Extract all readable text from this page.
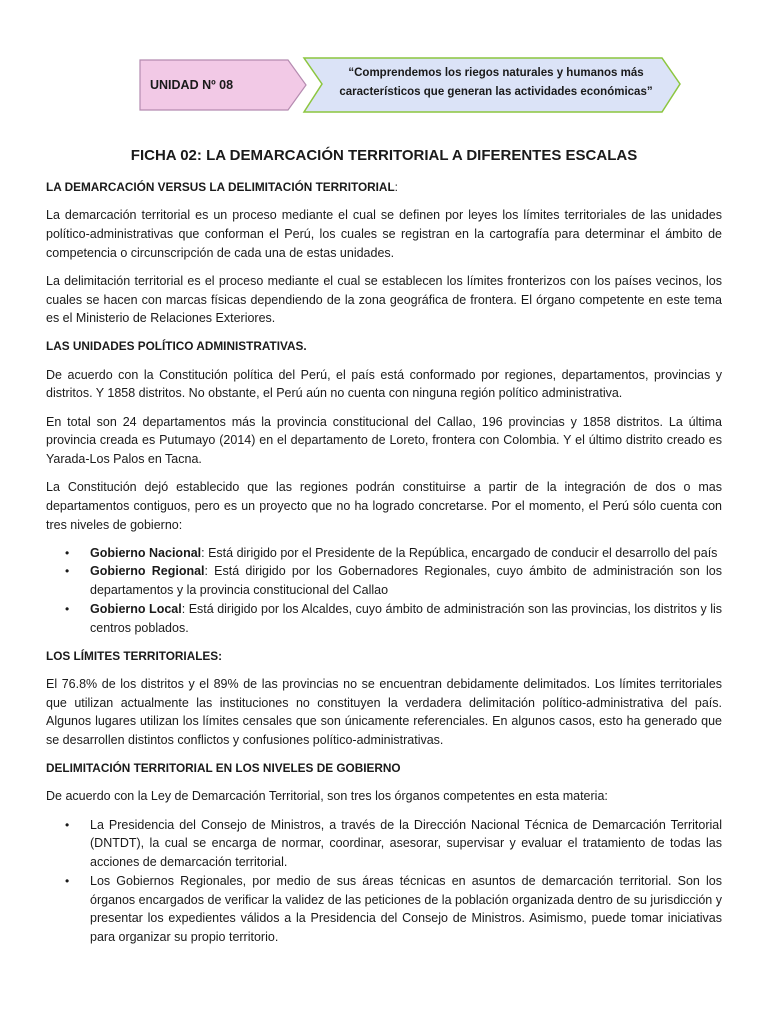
UNIDAD Nº 08
“Comprendemos los riegos naturales y humanos más característicos que generan las actividades económicas”
FICHA 02: LA DEMARCACIÓN TERRITORIAL A DIFERENTES ESCALAS
LA DEMARCACIÓN VERSUS LA DELIMITACIÓN TERRITORIAL:

La demarcación territorial es un proceso mediante el cual se definen por leyes los límites territoriales de las unidades político-administrativas que conforman el Perú, los cuales se registran en la cartografía para determinar el ámbito de competencia o circunscripción de cada una de estas unidades.

La delimitación territorial es el proceso mediante el cual se establecen los límites fronterizos con los países vecinos, los cuales se hacen con marcas físicas dependiendo de la zona geográfica de frontera. El órgano competente en este tema es el Ministerio de Relaciones Exteriores.

LAS UNIDADES POLÍTICO ADMINISTRATIVAS.

De acuerdo con la Constitución política del Perú, el país está conformado por regiones, departamentos, provincias y distritos. Y 1858 distritos. No obstante, el Perú aún no cuenta con ninguna región político administrativa.

En total son 24 departamentos más la provincia constitucional del Callao, 196 provincias y 1858 distritos. La última provincia creada es Putumayo (2014) en el departamento de Loreto, frontera con Colombia. Y el último distrito creado es Yarada-Los Palos en Tacna.

La Constitución dejó establecido que las regiones podrán constituirse a partir de la integración de dos o mas departamentos contiguos, pero es un proyecto que no ha logrado concretarse. Por el momento, el Perú sólo cuenta con tres niveles de gobierno:

• Gobierno Nacional: Está dirigido por el Presidente de la República, encargado de conducir el desarrollo del país
• Gobierno Regional: Está dirigido por los Gobernadores Regionales, cuyo ámbito de administración son los departamentos y la provincia constitucional del Callao
• Gobierno Local: Está dirigido por los Alcaldes, cuyo ámbito de administración son las provincias, los distritos y lis centros poblados.
LOS LÍMITES TERRITORIALES:

El 76.8% de los distritos y el 89% de las provincias no se encuentran debidamente delimitados. Los límites territoriales que utilizan actualmente las instituciones no constituyen la verdadera delimitación político-administrativa del país. Algunos lugares utilizan los límites censales que son únicamente referenciales. En algunos casos, esto ha generado que se desarrollen distintos conflictos y confusiones político-administrativas.

DELIMITACIÓN TERRITORIAL EN LOS NIVELES DE GOBIERNO

De acuerdo con la Ley de Demarcación Territorial, son tres los órganos competentes en esta materia:

• La Presidencia del Consejo de Ministros, a través de la Dirección Nacional Técnica de Demarcación Territorial (DNTDT), la cual se encarga de normar, coordinar, asesorar, supervisar y evaluar el tratamiento de todas las acciones de demarcación territorial.
• Los Gobiernos Regionales, por medio de sus áreas técnicas en asuntos de demarcación territorial. Son los órganos encargados de verificar la validez de las peticiones de la población organizada dentro de su jurisdicción y presentar los expedientes válidos a la Presidencia del Consejo de Ministros. Asimismo, puede tomar iniciativas para organizar su propio territorio.
